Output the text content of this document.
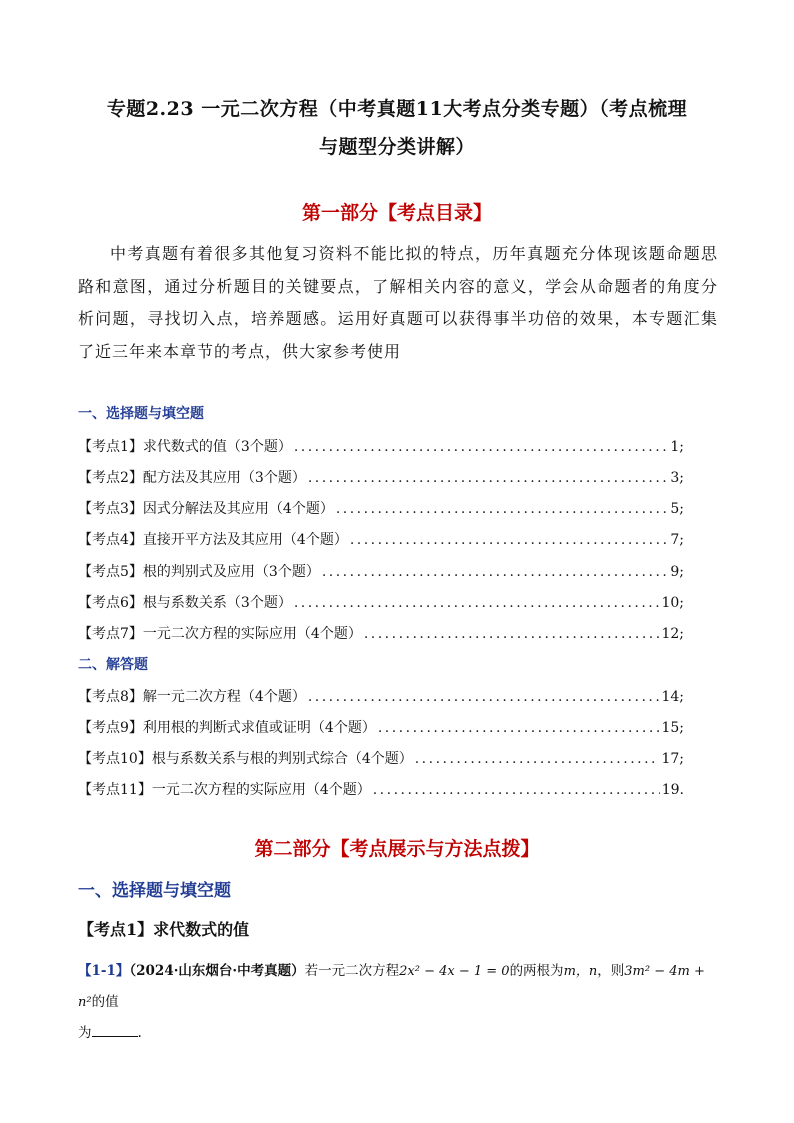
专题2.23 一元二次方程（中考真题11大考点分类专题）（考点梳理
与题型分类讲解）
第一部分【考点目录】
中考真题有着很多其他复习资料不能比拟的特点，历年真题充分体现该题命题思路和意图，通过分析题目的关键要点，了解相关内容的意义，学会从命题者的角度分析问题，寻找切入点，培养题感。运用好真题可以获得事半功倍的效果，本专题汇集了近三年来本章节的考点，供大家参考使用
一、选择题与填空题
【考点1】求代数式的值（3个题） .....	1;
【考点2】配方法及其应用（3个题） .....	3;
【考点3】因式分解法及其应用（4个题） .....	5;
【考点4】直接开平方法及其应用（4个题） .....	7;
【考点5】根的判别式及应用（3个题） .....	9;
【考点6】根与系数关系（3个题） .....	10;
【考点7】一元二次方程的实际应用（4个题） .....	12;
二、解答题
【考点8】解一元二次方程（4个题） .....	14;
【考点9】利用根的判断式求值或证明（4个题） .....	15;
【考点10】根与系数关系与根的判别式综合（4个题） .....	17;
【考点11】一元二次方程的实际应用（4个题） .....	19.
第二部分【考点展示与方法点拨】
一、选择题与填空题
【考点1】求代数式的值
【1-1】（2024·山东烟台·中考真题）若一元二次方程2x² − 4x − 1 = 0的两根为m，n，则3m² − 4m + n²的值
为	.
